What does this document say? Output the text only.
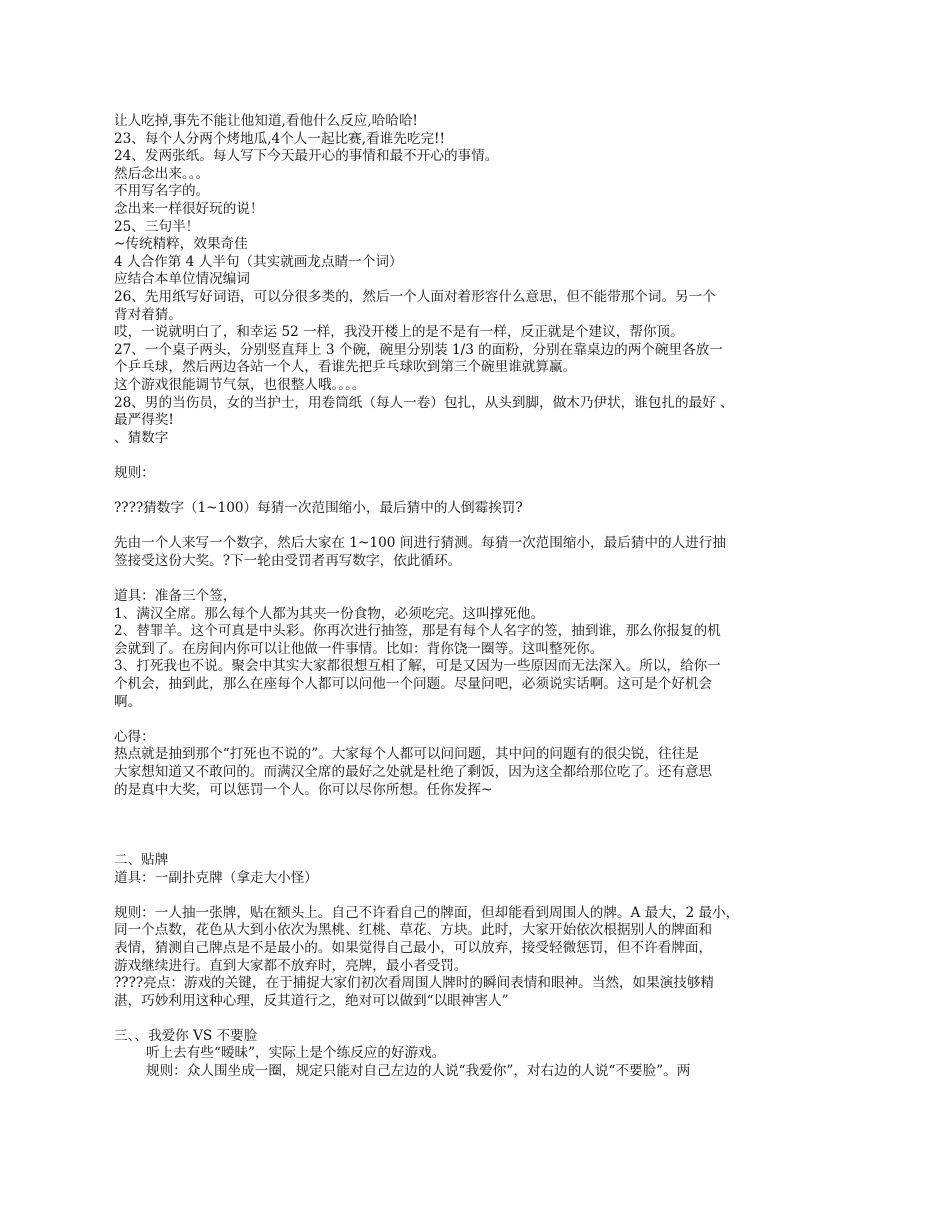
让人吃掉,事先不能让他知道,看他什么反应,哈哈哈!
23、每个人分两个烤地瓜,4个人一起比赛,看谁先吃完!!
24、发两张纸。每人写下今天最开心的事情和最不开心的事情。
然后念出来。。。
不用写名字的。
念出来一样很好玩的说！
25、三句半！
~传统精粹，效果奇佳
4 人合作第 4 人半句（其实就画龙点睛一个词）
应结合本单位情况编词
26、先用纸写好词语，可以分很多类的，然后一个人面对着形容什么意思，但不能带那个词。另一个
背对着猜。
哎，一说就明白了，和幸运 52 一样，我没开楼上的是不是有一样，反正就是个建议，帮你顶。
27、一个桌子两头，分别竖直拜上 3 个碗，碗里分别装 1/3 的面粉，分别在靠桌边的两个碗里各放一
个乒乓球，然后两边各站一个人，看谁先把乒乓球吹到第三个碗里谁就算赢。
这个游戏很能调节气氛，也很整人哦。。。。
28、男的当伤员，女的当护士，用卷筒纸（每人一卷）包扎，从头到脚，做木乃伊状，谁包扎的最好 、
最严得奖!
、猜数字
规则：
????猜数字（1~100）每猜一次范围缩小，最后猜中的人倒霉挨罚?
先由一个人来写一个数字，然后大家在 1~100 间进行猜测。每猜一次范围缩小，最后猜中的人进行抽
签接受这份大奖。?下一轮由受罚者再写数字，依此循环。
道具：准备三个签，
1、满汉全席。那么每个人都为其夹一份食物，必须吃完。这叫撑死他。
2、替罪羊。这个可真是中头彩。你再次进行抽签，那是有每个人名字的签，抽到谁，那么你报复的机
会就到了。在房间内你可以让他做一件事情。比如：背你饶一圈等。这叫整死你。
3、打死我也不说。聚会中其实大家都很想互相了解，可是又因为一些原因而无法深入。所以，给你一
个机会，抽到此，那么在座每个人都可以问他一个问题。尽量问吧，必须说实话啊。这可是个好机会
啊。
心得：
热点就是抽到那个“打死也不说的”。大家每个人都可以问问题，其中问的问题有的很尖锐，往往是
大家想知道又不敢问的。而满汉全席的最好之处就是杜绝了剩饭，因为这全都给那位吃了。还有意思
的是真中大奖，可以惩罚一个人。你可以尽你所想。任你发挥~
二、贴牌
道具：一副扑克牌（拿走大小怪）
规则：一人抽一张牌，贴在额头上。自己不许看自己的牌面，但却能看到周围人的牌。A 最大，2 最小，
同一个点数，花色从大到小依次为黑桃、红桃、草花、方块。此时，大家开始依次根据别人的牌面和
表情，猜测自己牌点是不是最小的。如果觉得自己最小，可以放弃，接受轻微惩罚，但不许看牌面，
游戏继续进行。直到大家都不放弃时，亮牌，最小者受罚。
????亮点：游戏的关键，在于捕捉大家们初次看周围人牌时的瞬间表情和眼神。当然，如果演技够精
湛，巧妙利用这种心理，反其道行之，绝对可以做到“以眼神害人”
三、、我爱你 VS 不要脸
听上去有些“暧昧”，实际上是个练反应的好游戏。
规则：众人围坐成一圈，规定只能对自己左边的人说“我爱你”，对右边的人说“不要脸”。两
